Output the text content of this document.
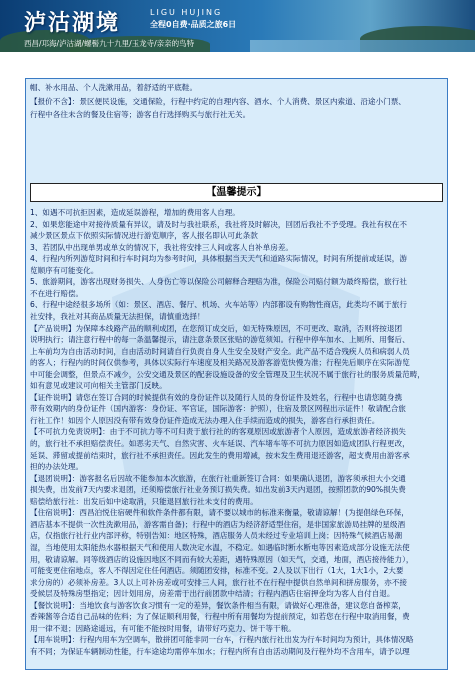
泸沽湖境	LIGU HUJING
全程0自费·品质之旅6日
西昌/邛海/泸沽湖/螺髻九十九里/玉龙寺/亲亲的鸟特
帽、补水用品、个人洗漱用品，着舒适的平底鞋。
【报价不含】：景区便民设施，交通保险，行程中约定的自理内容、酒水、个人消费、景区内索道、沿途小门票、
行程中各往未含的餐及住宿等；游客自行选择购买与旅行社无关。
【温馨提示】
1、如遇不可抗拒因素，造成延误游程，增加的费用客人自理。
2、如果您能途中对接待质量有异议，请及时与我社联系，我社将及时解决，回团后我社不予受理。我社有权在不
减少景区景点下依照实际情况进行游览顺序，客人报名即认可此条款
3、若团队中出现单男或单女的情况下，我社将安排三人间或客人自补单房差。
4、行程内所列游览时间和行车时间均为参考时间，具体根据当天天气和道路实际情况，时间有所提前或延误，游
览顺序有可能变化。
5、旅游期间，游客出现财务损失、人身伤亡等以保险公司解释合理赔为准，保险公司赔付额为最终赔偿，旅行社
不在进行赔偿。
6、行程中途经很多场所（如：景区、酒店、餐厅、机场、火车站等）内部都设有购物性商店，此类均不属于旅行
社安排，我社对其商品质量无法担保，请慎重选择！
【产品说明】为保障本线路产品的顺利成团，在您预订成交后，如无特殊原因，不可更改、取消，否则将按退团
说明执行；请注意行程中的每一条温馨提示，请注意条景区张贴的游览须知。行程中停车加水、上厕所、用餐后、
上车前均为自由活动时间，自由活动时间请自行负责自身人生安全及财产安全。此产品不适合残疾人员和病弱人员
的客人；行程内的时间仅供参考，具体以实际行车速度及相关路况及游客游览快慢为准；行程先后顺序在实际游览
中可能会调整，但景点不减少，公安交通及景区的配套设施设备的安全管理及卫生状况不属于旅行社的服务质量范畴，
如有意见或建议可向相关主管部门反映。
【证件说明】请您在签订合同的时候提供有效的身份证件以及随行人员的身份证件及姓名，行程中也请您随身携
带有效期内的身份证件（国内游客：身份证、军官证，国际游客：护照），住宿及景区网程出示证件！敬请配合旅
行社工作！如因个人原因没有带有效身份证件造成无法办理入住手续而造成的损失，游客自行承担责任。
【不可抗力免责说明】：由于不可抗力等不可归责于旅行社的的客观原因或旅游者个人原因，造成旅游者经济损失
的，旅行社不承担赔偿责任。如恶劣天气、自然灾害、火车延误、汽车堵车等不可抗力原因如造成团队行程更改，
延误、滞留或提前结束时，旅行社不承担责任。因此发生的费用增减，按未发生费用退还游客，超支费用由游客承
担的办法处理。
【退团说明】：游客报名后因故不能参加本次旅游，在旅行社重新签订合同：如果确认退团，游客须承担大小交通
损失费，出发前7天内要求退团，还须赔偿旅行社业务预订损失费。如出发前3天内退团，按照团款的90%损失费
赔偿给旅行社：出发后如中途取消，只能退回旅行社未支付的费用。
【住宿说明】：西昌泊悦住宿硬件和软件条件都有限，请不要以城市的标准来衡量，敬请谅解！(为提倡绿色环保，
酒店基本不提供一次性洗漱用品，游客需自备)；行程中的酒店为经济舒适型住宿，是非国家旅游局挂牌的星级酒
店，仅指旅行社行业内部评称，特别告知：地区特殊，酒店服务人员未经过专业培训上岗；因特殊气候酒店易潮
湿，当地使用太阳能热水器根据天气和使用人数决定水温，不稳定。如遇临时断水断电等因素造成部分设施无法使
用，敬请谅解。同等级酒店的设施因地区不同而有较大差距，遇特殊原因（如天气，交通，地面，酒店接待能力），
可能变更住宿地点，客人不得因定住任何酒店。须随团安排，标准不变。2人及以下出行（1大，1大1小，2大要
求分房的）必须补房差。3人以上可补房差或可安排三人间，旅行社不在行程中提供自然单间和拼房服务，亦不接
受候层及特殊房型指定；因计划用房，房差需于出行前团款中结清；行程内酒店住宿押金均为客人自付自退。
【餐饮说明】：当地饮食与游客饮食习惯有一定的差异，餐饮条件相当有限，请做好心理准备，建议您自备榨菜，
香辣酱等合适自己品味的佐料；为了保证顺利用餐，行程中所有用餐均为提前预定，如若您在行程中取消用餐，费
用一律不退；因路途遥远，有可能不能按时用餐，请带好巧克力、饼干等干粮。
【用车说明】：行程内用车为空调车，散拼团可能非同一台车，行程内旅行社出发为行车时间均为预计，具体情况略
有不同；为保证车辆制动性能，行车途途均需停车加水；行程内所有自由活动期间及行程外均不含用车，请予以理
